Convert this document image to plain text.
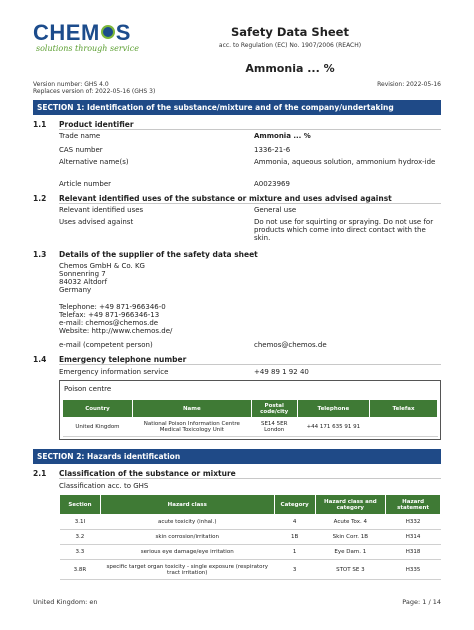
CHEM S
solutions through service
Safety Data Sheet
acc. to Regulation (EC) No. 1907/2006 (REACH)
Ammonia ... %
Version number: GHS 4.0
Replaces version of: 2022-05-16 (GHS 3)
Revision: 2022-05-16
SECTION 1: Identification of the substance/mixture and of the company/undertaking
1.1 Product identifier
Trade name	Ammonia ... %
CAS number	1336-21-6
Alternative name(s)	Ammonia, aqueous solution, ammonium hydrox-ide
Article number	A0023969
1.2 Relevant identified uses of the substance or mixture and uses advised against
Relevant identified uses	General use
Uses advised against	Do not use for squirting or spraying. Do not use for products which come into direct contact with the skin.
1.3 Details of the supplier of the safety data sheet
Chemos GmbH & Co. KG
Sonnenring 7
84032 Altdorf
Germany
Telephone: +49 871-966346-0
Telefax: +49 871-966346-13
e-mail: chemos@chemos.de
Website: http://www.chemos.de/
e-mail (competent person)	chemos@chemos.de
1.4 Emergency telephone number
Emergency information service	+49 89 1 92 40
Poison centre
Country	Name	Postal code/city	Telephone	Telefax
United Kingdom	National Poison Information Centre Medical Toxicology Unit	SE14 5ER London	+44 171 635 91 91	
SECTION 2: Hazards identification
2.1 Classification of the substance or mixture
Classification acc. to GHS
Section	Hazard class	Category	Hazard class and category	Hazard statement
3.1I	acute toxicity (inhal.)	4	Acute Tox. 4	H332
3.2	skin corrosion/irritation	1B	Skin Corr. 1B	H314
3.3	serious eye damage/eye irritation	1	Eye Dam. 1	H318
3.8R	specific target organ toxicity - single exposure (respiratory tract irritation)	3	STOT SE 3	H335
United Kingdom: en	Page: 1 / 14
